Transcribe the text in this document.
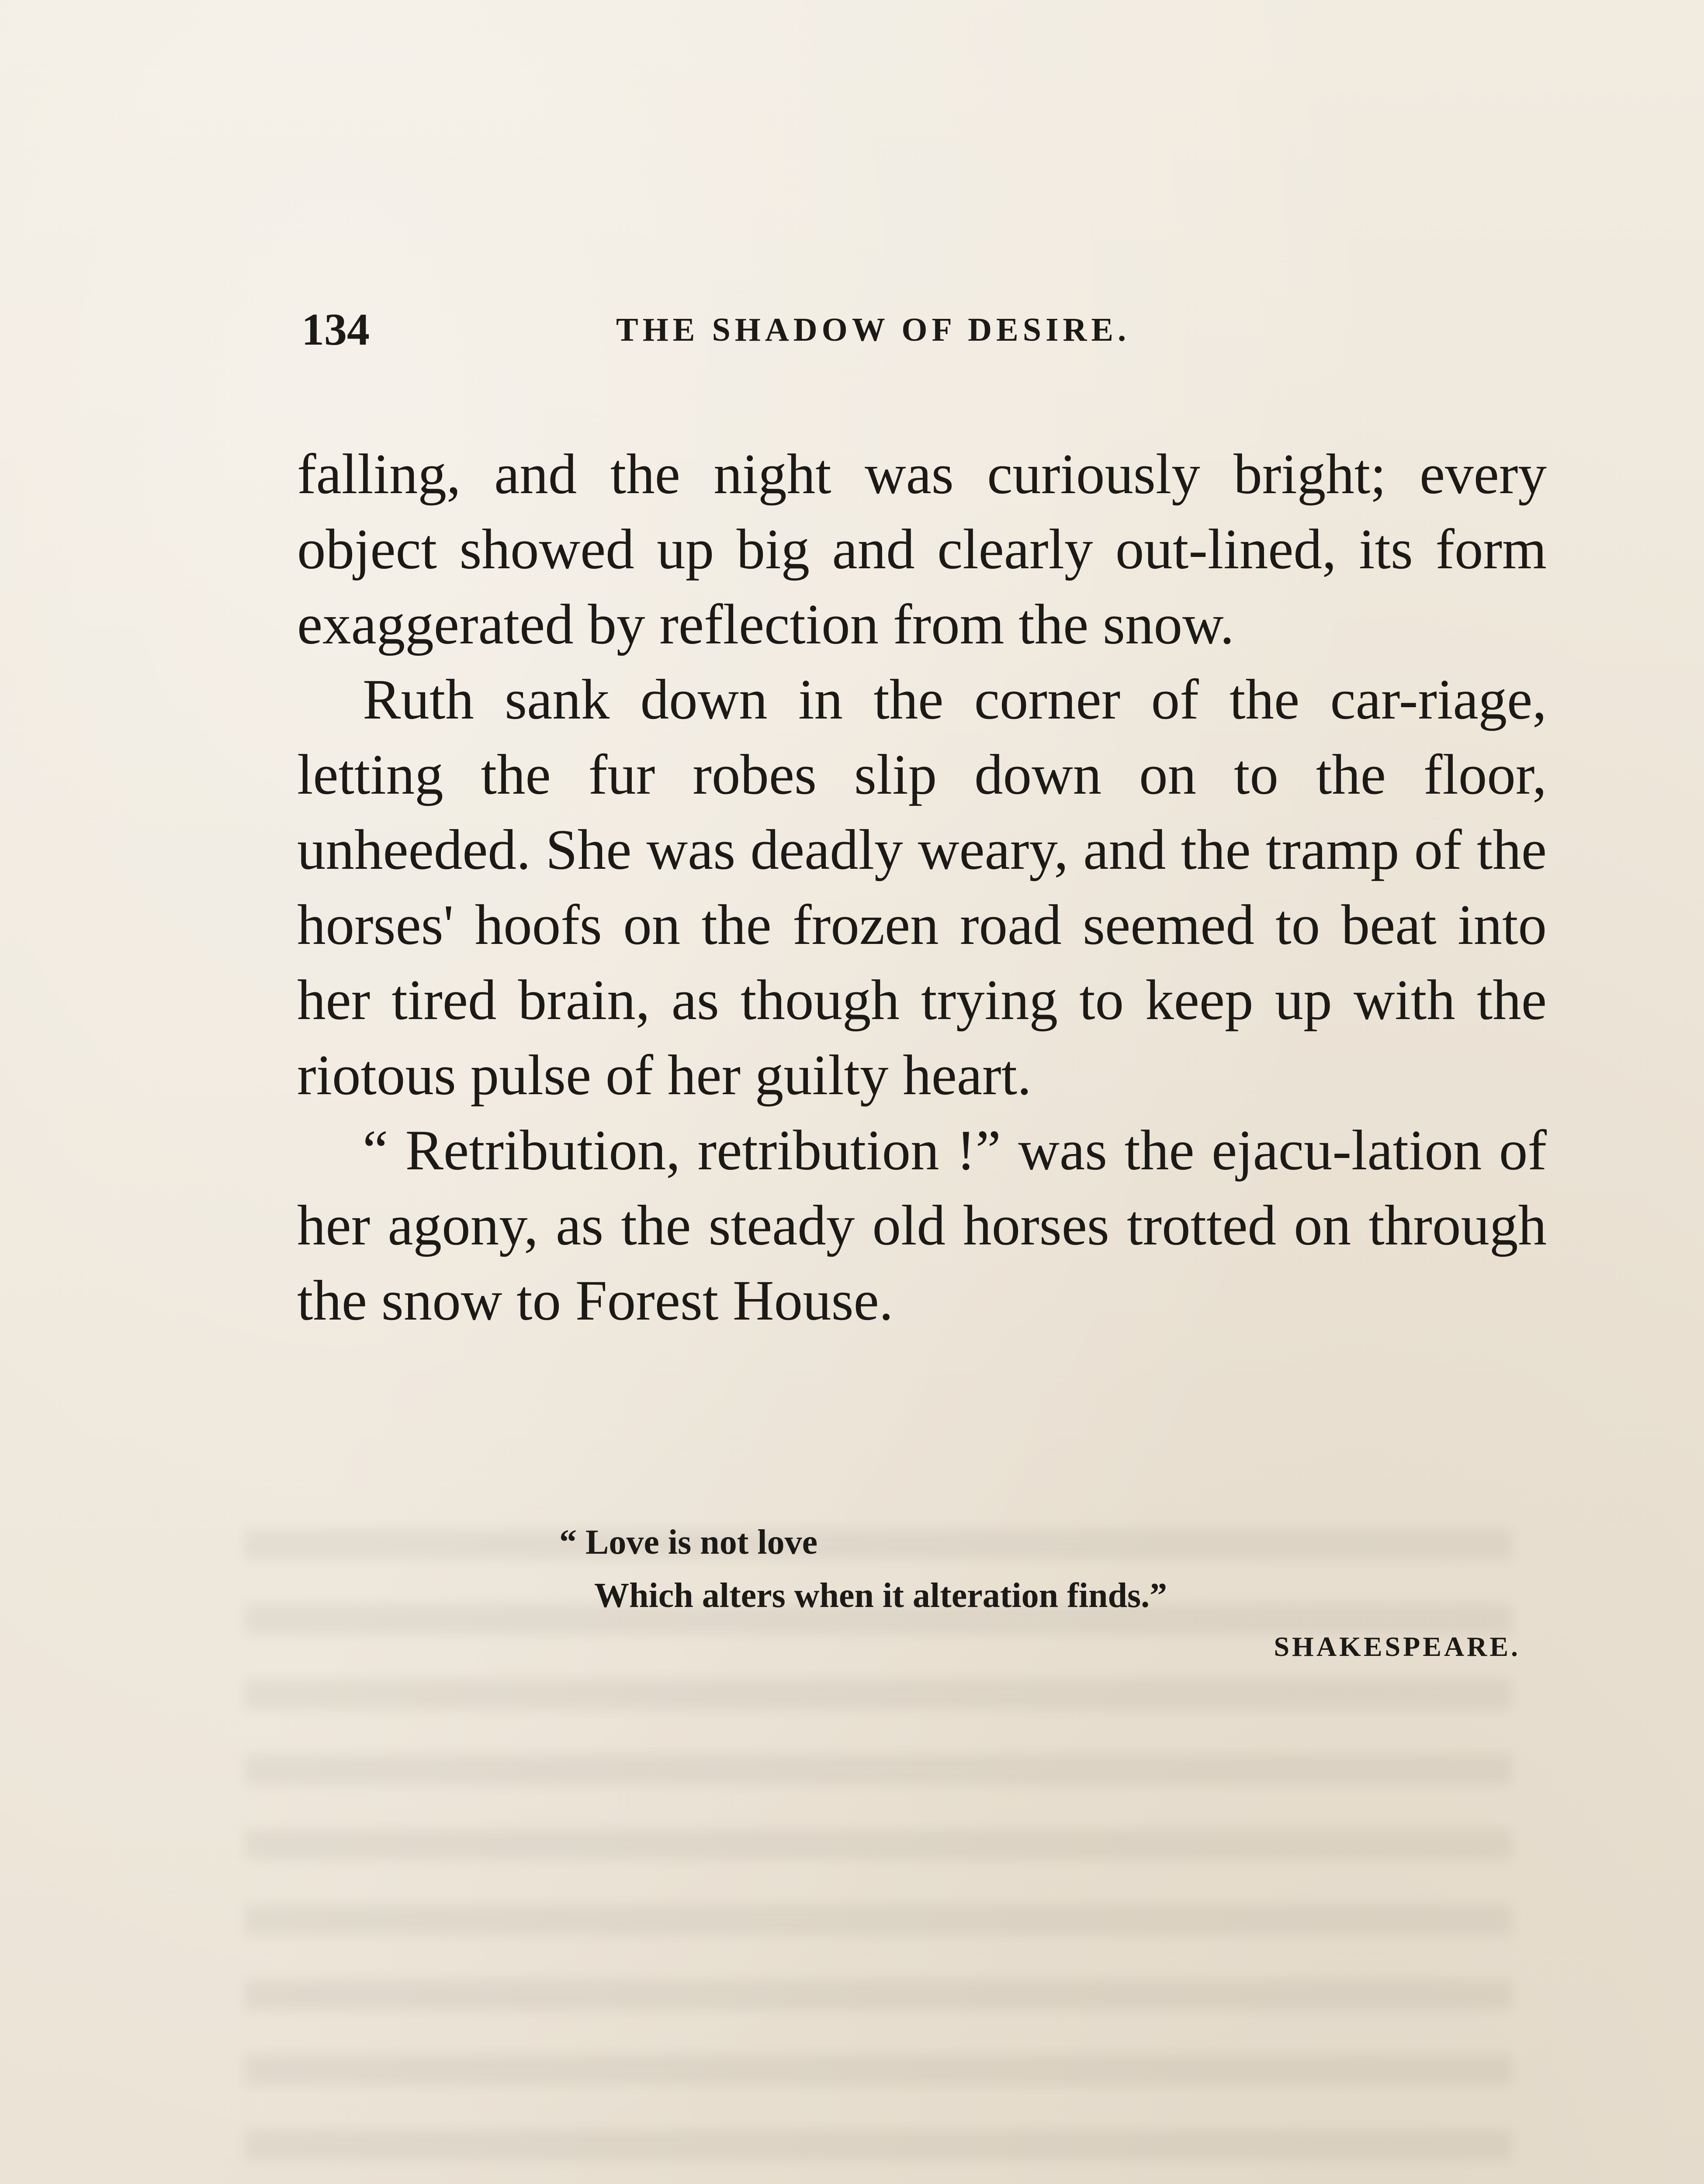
134	THE SHADOW OF DESIRE.

falling, and the night was curiously bright; every object showed up big and clearly out-lined, its form exaggerated by reflection from the snow.

Ruth sank down in the corner of the car-riage, letting the fur robes slip down on to the floor, unheeded. She was deadly weary, and the tramp of the horses' hoofs on the frozen road seemed to beat into her tired brain, as though trying to keep up with the riotous pulse of her guilty heart.

“ Retribution, retribution !” was the ejacu-lation of her agony, as the steady old horses trotted on through the snow to Forest House.

“ Love is not love
Which alters when it alteration finds.”
SHAKESPEARE.
